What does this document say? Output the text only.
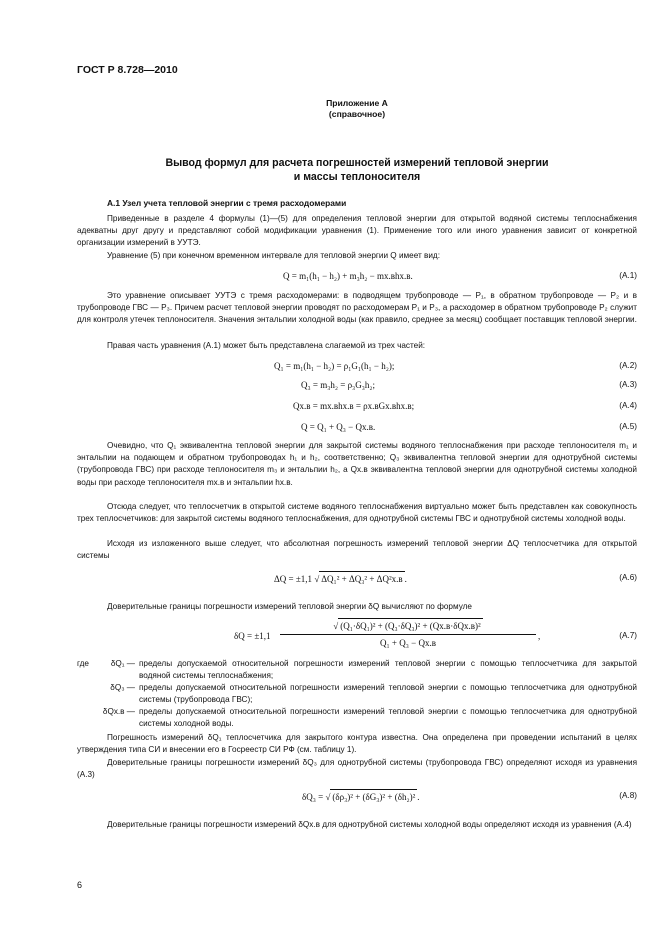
ГОСТ Р 8.728—2010
Приложение А
(справочное)
Вывод формул для расчета погрешностей измерений тепловой энергии
и массы теплоносителя
А.1 Узел учета тепловой энергии с тремя расходомерами
Приведенные в разделе 4 формулы (1)—(5) для определения тепловой энергии для открытой водяной системы теплоснабжения адекватны друг другу и представляют собой модификации уравнения (1). Применение того или иного уравнения зависит от конкретной организации измерений в УУТЭ.
Уравнение (5) при конечном временном интервале для тепловой энергии Q имеет вид:
Q = m₁(h₁ − h₂) + m₃h₂ − mх.вhх.в.	(А.1)
Это уравнение описывает УУТЭ с тремя расходомерами: в подводящем трубопроводе — P₁, в обратном трубопроводе — P₂ и в трубопроводе ГВС — P₃. Причем расчет тепловой энергии проводят по расходомерам P₁ и P₃, а расходомер в обратном трубопроводе P₂ служит для контроля утечек теплоносителя. Значения энтальпии холодной воды (как правило, среднее за месяц) сообщает поставщик тепловой энергии.
Правая часть уравнения (А.1) может быть представлена слагаемой из трех частей:
Q₁ = m₁(h₁ − h₂) = ρ₁G₁(h₁ − h₂);	(А.2)
Q₃ = m₃h₂ = ρ₃G₃h₂;	(А.3)
Qх.в = mх.вhх.в = ρх.вGх.вhх.в;	(А.4)
Q = Q₁ + Q₃ − Qх.в.	(А.5)
Очевидно, что Q₁ эквивалентна тепловой энергии для закрытой системы водяного теплоснабжения при расходе теплоносителя m₁ и энтальпии на подающем и обратном трубопроводах h₁ и h₂, соответственно; Q₃ эквивалентна тепловой энергии для однотрубной системы (трубопровода ГВС) при расходе теплоносителя m₃ и энтальпии h₂, а Qх.в эквивалентна тепловой энергии для однотрубной системы холодной воды при расходе теплоносителя mх.в и энтальпии hх.в.
Отсюда следует, что теплосчетчик в открытой системе водяного теплоснабжения виртуально может быть представлен как совокупность трех теплосчетчиков: для закрытой системы водяного теплоснабжения, для однотрубной системы ГВС и однотрубной системы холодной воды.
Исходя из изложенного выше следует, что абсолютная погрешность измерений тепловой энергии ΔQ теплосчетчика для открытой системы
ΔQ = ±1,1 √ ΔQ₁² + ΔQ₃² + ΔQ²х.в .	(А.6)
Доверительные границы погрешности измерений тепловой энергии δQ вычисляют по формуле
δQ = ±1,1
√ (Q₁·δQ₁)² + (Q₃·δQ₃)² + (Qх.в·δQх.в)²
Q₁ + Q₃ − Qх.в
,	(А.7)
где	δQ₁ — пределы допускаемой относительной погрешности измерений тепловой энергии с помощью теплосчетчика для закрытой водяной системы теплоснабжения;
δQ₃ — пределы допускаемой относительной погрешности измерений тепловой энергии с помощью теплосчетчика для однотрубной системы (трубопровода ГВС);
δQх.в — пределы допускаемой относительной погрешности измерений тепловой энергии с помощью теплосчетчика для однотрубной системы холодной воды.
Погрешность измерений δQ₁ теплосчетчика для закрытого контура известна. Она определена при проведении испытаний в целях утверждения типа СИ и внесении его в Госреестр СИ РФ (см. таблицу 1).
Доверительные границы погрешности измерений δQ₃ для однотрубной системы (трубопровода ГВС) определяют исходя из уравнения (А.3)
δQ₃ = √ (δρ₃)² + (δG₃)² + (δh₂)² .	(А.8)
Доверительные границы погрешности измерений δQх.в для однотрубной системы холодной воды определяют исходя из уравнения (А.4)
6
